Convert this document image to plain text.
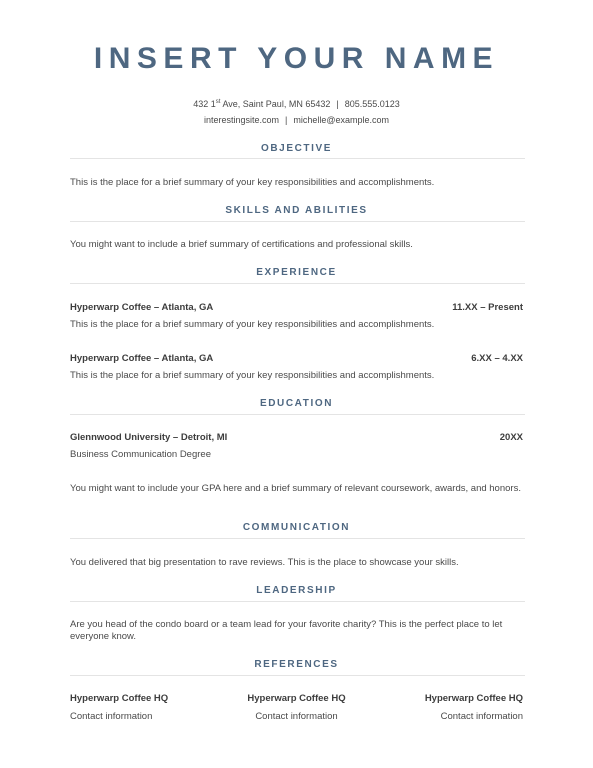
INSERT YOUR NAME
432 1st Ave, Saint Paul, MN 65432 | 805.555.0123
interestingsite.com | michelle@example.com
OBJECTIVE
This is the place for a brief summary of your key responsibilities and accomplishments.
SKILLS AND ABILITIES
You might want to include a brief summary of certifications and professional skills.
EXPERIENCE
Hyperwarp Coffee – Atlanta, GA	11.XX – Present
This is the place for a brief summary of your key responsibilities and accomplishments.
Hyperwarp Coffee – Atlanta, GA	6.XX – 4.XX
This is the place for a brief summary of your key responsibilities and accomplishments.
EDUCATION
Glennwood University – Detroit, MI	20XX
Business Communication Degree
You might want to include your GPA here and a brief summary of relevant coursework, awards, and honors.
COMMUNICATION
You delivered that big presentation to rave reviews. This is the place to showcase your skills.
LEADERSHIP
Are you head of the condo board or a team lead for your favorite charity? This is the perfect place to let everyone know.
REFERENCES
Hyperwarp Coffee HQ
Contact information
Hyperwarp Coffee HQ
Contact information
Hyperwarp Coffee HQ
Contact information
